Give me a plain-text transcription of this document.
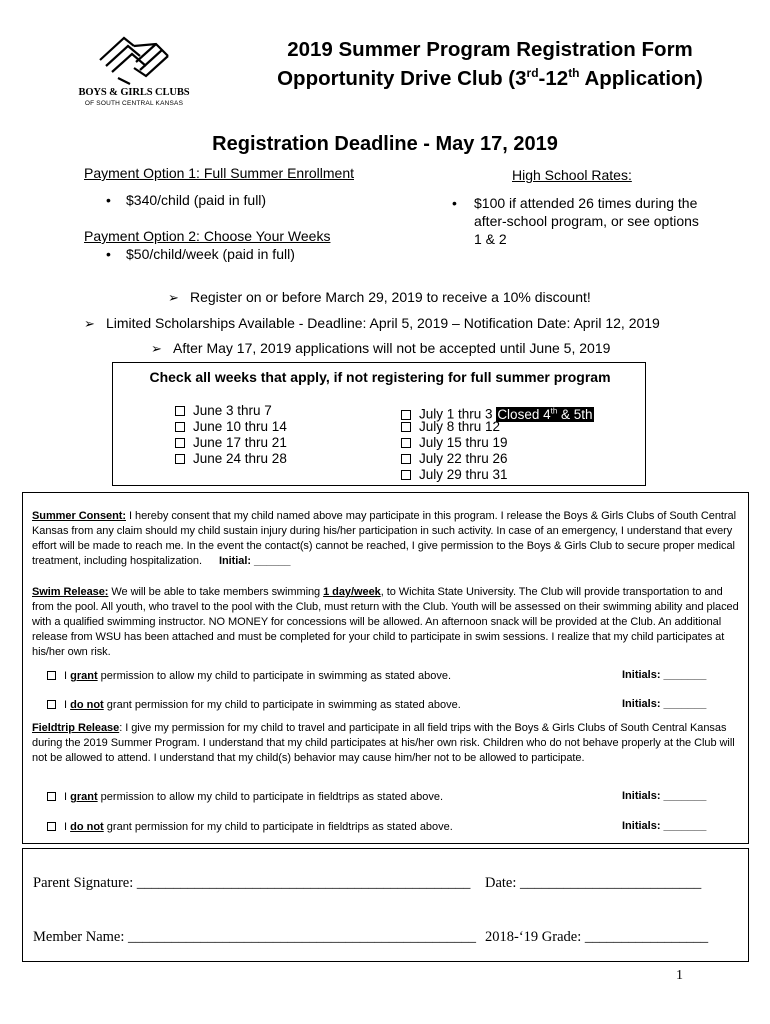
BOYS & GIRLS CLUBS
OF SOUTH CENTRAL KANSAS
2019 Summer Program Registration Form
Opportunity Drive Club (3rd-12th Application)
Registration Deadline - May 17, 2019
Payment Option 1: Full Summer Enrollment
• $340/child (paid in full)
Payment Option 2: Choose Your Weeks
• $50/child/week (paid in full)
High School Rates:
• $100 if attended 26 times during the
after-school program, or see options
1 & 2
➢ Register on or before March 29, 2019 to receive a 10% discount!
➢ Limited Scholarships Available - Deadline: April 5, 2019 – Notification Date: April 12, 2019
➢ After May 17, 2019 applications will not be accepted until June 5, 2019
Check all weeks that apply, if not registering for full summer program
June 3 thru 7
June 10 thru 14
June 17 thru 21
June 24 thru 28
July 1 thru 3 Closed 4th & 5th
July 8 thru 12
July 15 thru 19
July 22 thru 26
July 29 thru 31
Summer Consent: I hereby consent that my child named above may participate in this program. I release the Boys & Girls Clubs of South Central Kansas from any claim should my child sustain injury during his/her participation in such activity. In case of an emergency, I understand that every effort will be made to reach me. In the event the contact(s) cannot be reached, I give permission to the Boys & Girls Club to secure proper medical treatment, including hospitalization. Initial: ______
Swim Release: We will be able to take members swimming 1 day/week, to Wichita State University. The Club will provide transportation to and from the pool. All youth, who travel to the pool with the Club, must return with the Club. Youth will be assessed on their swimming ability and placed with a qualified swimming instructor. NO MONEY for concessions will be allowed. An afternoon snack will be provided at the Club. An additional release from WSU has been attached and must be completed for your child to participate in swim sessions. I realize that my child participates at his/her own risk.
I grant permission to allow my child to participate in swimming as stated above.	Initials: _______
I do not grant permission for my child to participate in swimming as stated above.	Initials: _______
Fieldtrip Release: I give my permission for my child to travel and participate in all field trips with the Boys & Girls Clubs of South Central Kansas during the 2019 Summer Program. I understand that my child participates at his/her own risk. Children who do not behave properly at the Club will not be allowed to attend. I understand that my child(s) behavior may cause him/her not to be allowed to participate.
I grant permission to allow my child to participate in fieldtrips as stated above.	Initials: _______
I do not grant permission for my child to participate in fieldtrips as stated above.	Initials: _______
Parent Signature: ______________________________________________ Date: _________________________
Member Name: ________________________________________________ 2018-‘19 Grade: _________________
1
